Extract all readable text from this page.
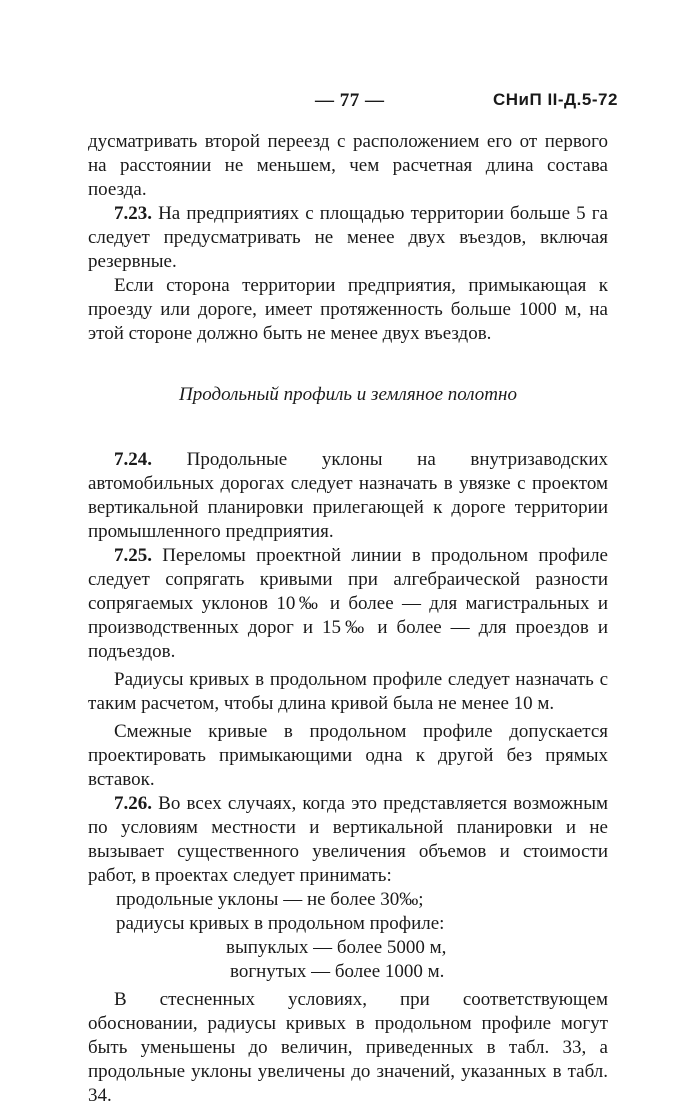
— 77 —	СНиП II-Д.5-72

дусматривать второй переезд с расположением его от первого на расстоянии не меньшем, чем расчетная длина состава поезда.

7.23. На предприятиях с площадью территории больше 5 га следует предусматривать не менее двух въездов, включая резервные.

Если сторона территории предприятия, примыкающая к проезду или дороге, имеет протяженность больше 1000 м, на этой стороне должно быть не менее двух въездов.

Продольный профиль и земляное полотно

7.24. Продольные уклоны на внутризаводских автомобильных дорогах следует назначать в увязке с проектом вертикальной планировки прилегающей к дороге территории промышленного предприятия.

7.25. Переломы проектной линии в продольном профиле следует сопрягать кривыми при алгебраической разности сопрягаемых уклонов 10‰ и более — для магистральных и производственных дорог и 15‰ и более — для проездов и подъездов.

Радиусы кривых в продольном профиле следует назначать с таким расчетом, чтобы длина кривой была не менее 10 м.

Смежные кривые в продольном профиле допускается проектировать примыкающими одна к другой без прямых вставок.

7.26. Во всех случаях, когда это представляется возможным по условиям местности и вертикальной планировки и не вызывает существенного увеличения объемов и стоимости работ, в проектах следует принимать:

продольные уклоны — не более 30‰;

радиусы кривых в продольном профиле:

выпуклых — более 5000 м,

вогнутых — более 1000 м.

В стесненных условиях, при соответствующем обосновании, радиусы кривых в продольном профиле могут быть уменьшены до величин, приведенных в табл. 33, а продольные уклоны увеличены до значений, указанных в табл. 34.
